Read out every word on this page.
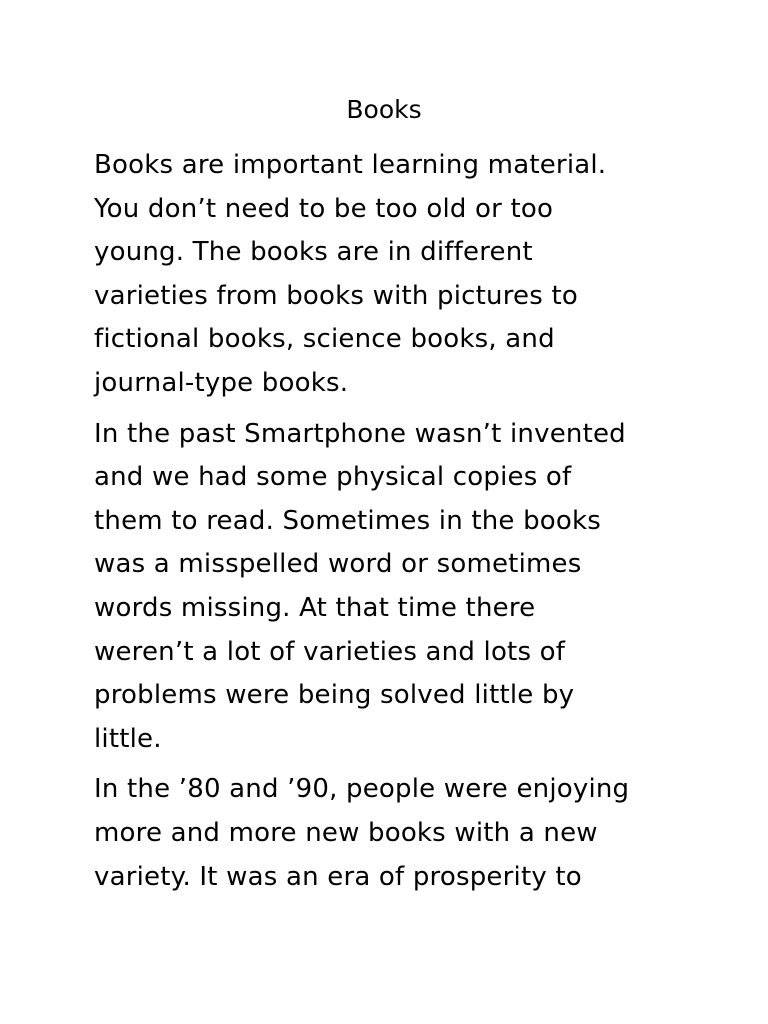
Books

Books are important learning material.
You don’t need to be too old or too
young. The books are in different
varieties from books with pictures to
fictional books, science books, and
journal-type books.

In the past Smartphone wasn’t invented
and we had some physical copies of
them to read. Sometimes in the books
was a misspelled word or sometimes
words missing. At that time there
weren’t a lot of varieties and lots of
problems were being solved little by
little.

In the ’80 and ’90, people were enjoying
more and more new books with a new
variety. It was an era of prosperity to
